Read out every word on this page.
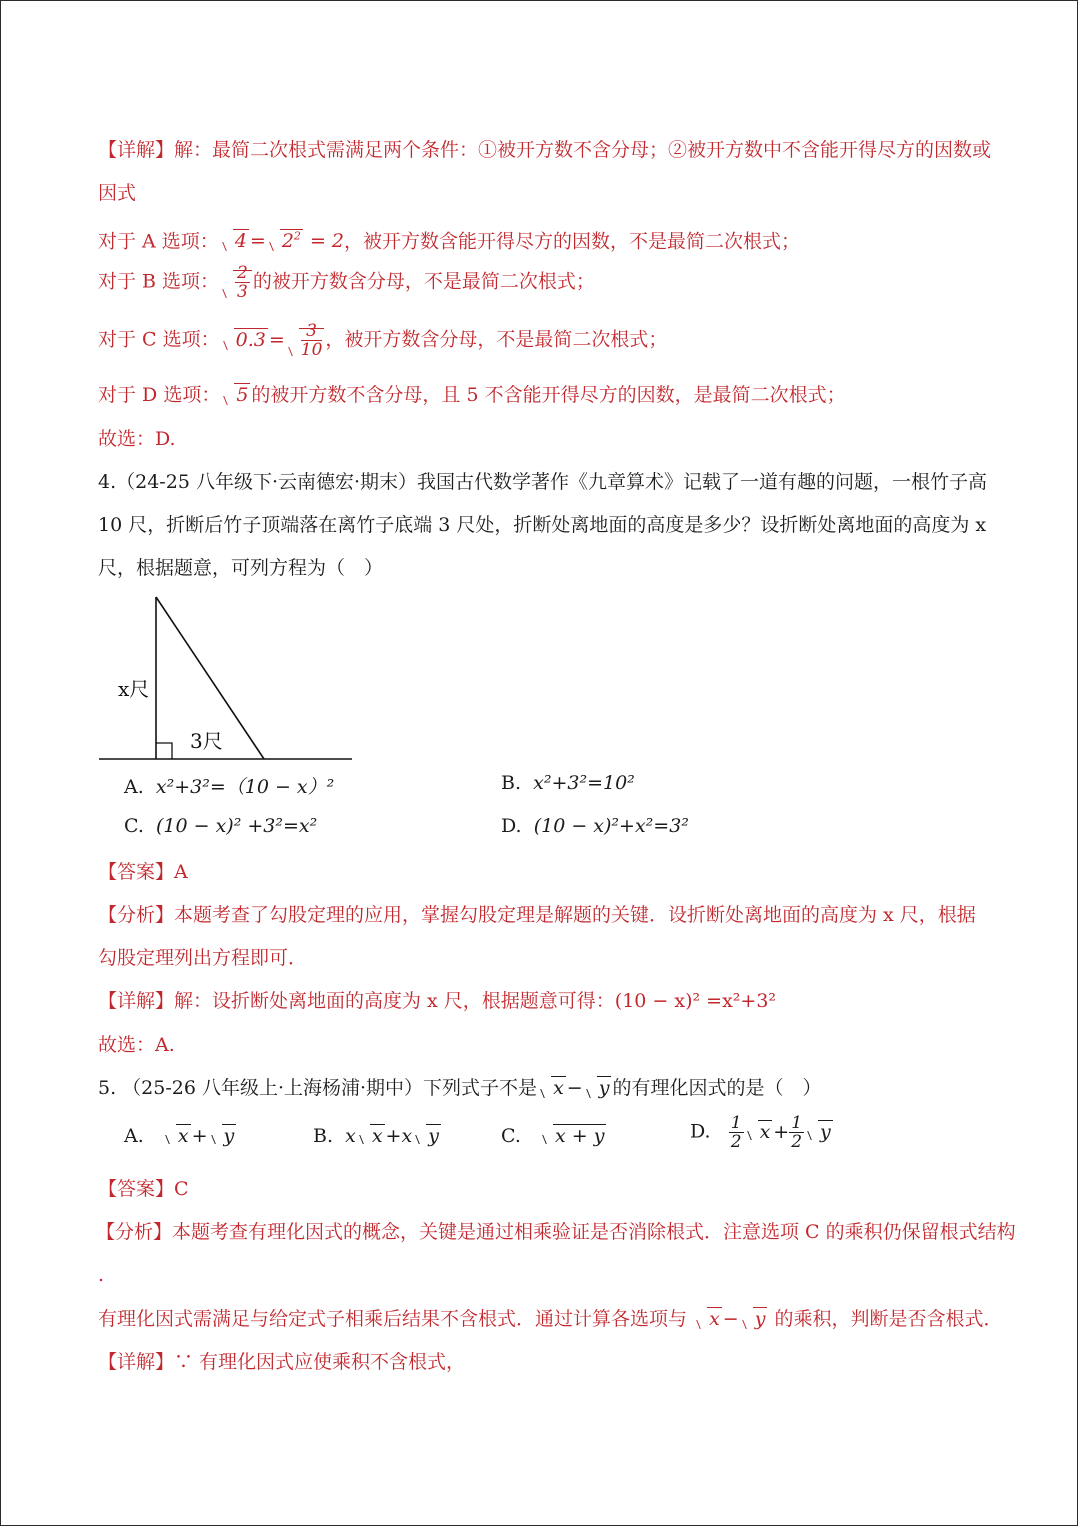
【详解】解：最简二次根式需满足两个条件：①被开方数不含分母；②被开方数中不含能开得尽方的因数或
因式
对于 A 选项： $4 = 2^2 = 2$，被开方数含能开得尽方的因数，不是最简二次根式；
对于 B 选项： $\frac{2}{3}$ 的被开方数含分母，不是最简二次根式；
对于 C 选项： $0.3 = \frac{3}{10}$ ，被开方数含分母，不是最简二次根式；
对于 D 选项： 5 的被开方数不含分母，且 5 不含能开得尽方的因数，是最简二次根式；
故选：D.
4.（24-25 八年级下·云南德宏·期末）我国古代数学著作《九章算术》记载了一道有趣的问题，一根竹子高
10 尺，折断后竹子顶端落在离竹子底端 3 尺处，折断处离地面的高度是多少？设折断处离地面的高度为 x
尺，根据题意，可列方程为（　）
x尺
3尺
A. x²+3²=（10 − x）²	B. x²+3²=10²
C. (10 − x)² +3²=x²	D. (10 − x)²+x²=3²
【答案】A
【分析】本题考查了勾股定理的应用，掌握勾股定理是解题的关键．设折断处离地面的高度为 x 尺，根据
勾股定理列出方程即可．
【详解】解：设折断处离地面的高度为 x 尺，根据题意可得：(10 − x)² =x²+3²
故选：A.
5. （25-26 八年级上·上海杨浦·期中）下列式子不是 x − y 的有理化因式的是（　）
A. x + y	B. x x +x y	C. x + y	D. $\frac{1}{2}$ $x + \frac{1}{2}$ y
【答案】C
【分析】本题考查有理化因式的概念，关键是通过相乘验证是否消除根式．注意选项 C 的乘积仍保留根式结构
.
有理化因式需满足与给定式子相乘后结果不含根式．通过计算各选项与 x − y 的乘积，判断是否含根式．
【详解】∵ 有理化因式应使乘积不含根式，
